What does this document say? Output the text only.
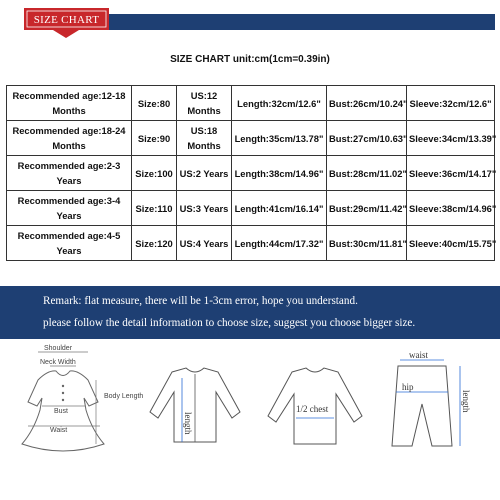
SIZE CHART
SIZE CHART unit:cm(1cm=0.39in)
Recommended age:12-18 Months	Size:80	US:12 Months	Length:32cm/12.6"	Bust:26cm/10.24"	Sleeve:32cm/12.6"
Recommended age:18-24 Months	Size:90	US:18 Months	Length:35cm/13.78"	Bust:27cm/10.63"	Sleeve:34cm/13.39"
Recommended age:2-3 Years	Size:100	US:2 Years	Length:38cm/14.96"	Bust:28cm/11.02"	Sleeve:36cm/14.17"
Recommended age:3-4 Years	Size:110	US:3 Years	Length:41cm/16.14"	Bust:29cm/11.42"	Sleeve:38cm/14.96"
Recommended age:4-5 Years	Size:120	US:4 Years	Length:44cm/17.32"	Bust:30cm/11.81"	Sleeve:40cm/15.75"
Remark: flat measure, there will be 1-3cm error, hope you understand.
please follow the detail information to choose size, suggest you choose bigger size.
Shoulder
Neck Width
Bust
Body Length
Waist	length
1/2 chest
waist
hip
length
